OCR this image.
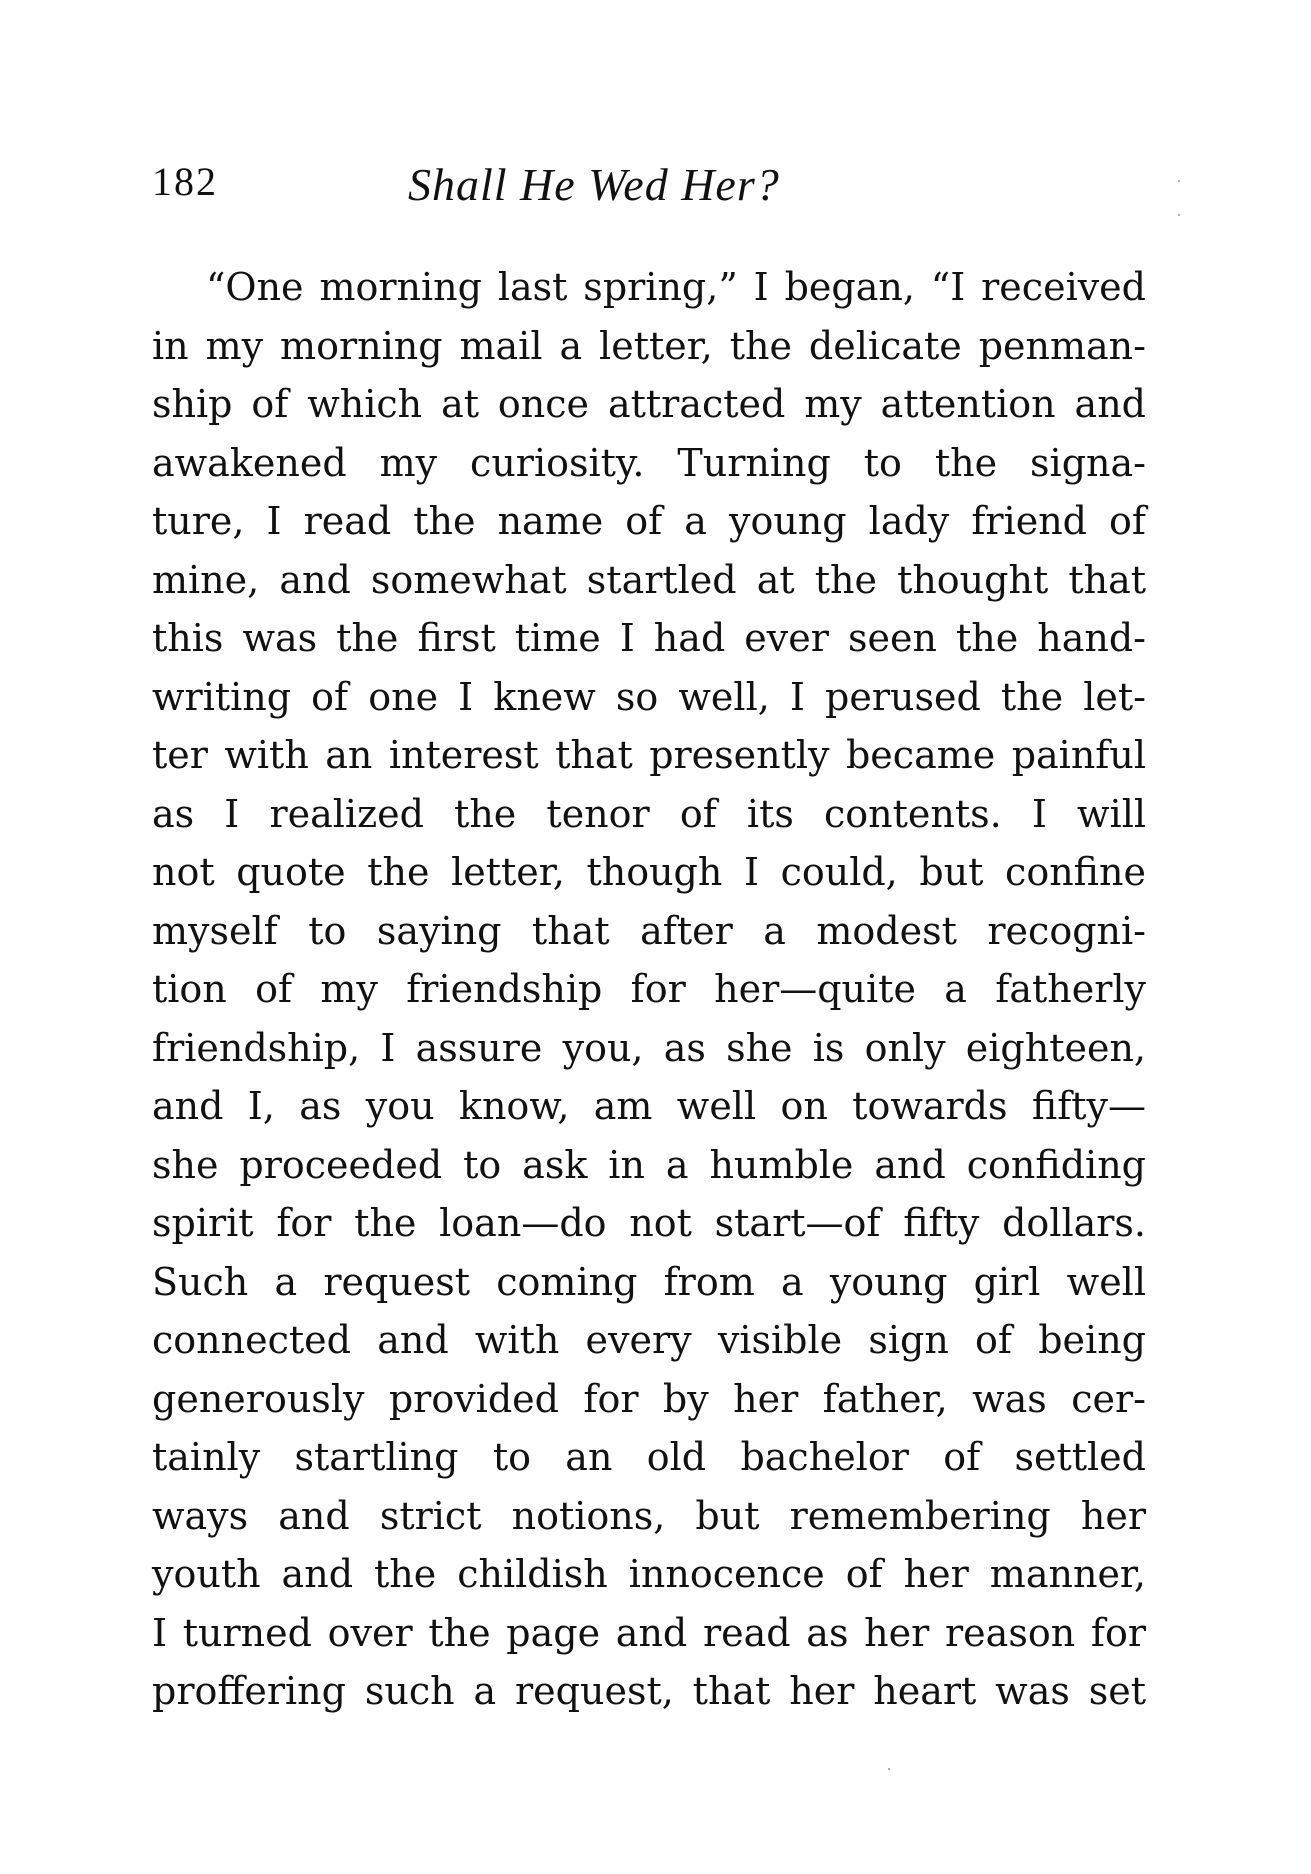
182	Shall He Wed Her?
“One morning last spring,” I began, “I received
in my morning mail a letter, the delicate penman-
ship of which at once attracted my attention and
awakened my curiosity. Turning to the signa-
ture, I read the name of a young lady friend of
mine, and somewhat startled at the thought that
this was the first time I had ever seen the hand-
writing of one I knew so well, I perused the let-
ter with an interest that presently became painful
as I realized the tenor of its contents. I will
not quote the letter, though I could, but confine
myself to saying that after a modest recogni-
tion of my friendship for her—quite a fatherly
friendship, I assure you, as she is only eighteen,
and I, as you know, am well on towards fifty—
she proceeded to ask in a humble and confiding
spirit for the loan—do not start—of fifty dollars.
Such a request coming from a young girl well
connected and with every visible sign of being
generously provided for by her father, was cer-
tainly startling to an old bachelor of settled
ways and strict notions, but remembering her
youth and the childish innocence of her manner,
I turned over the page and read as her reason for
proffering such a request, that her heart was set
